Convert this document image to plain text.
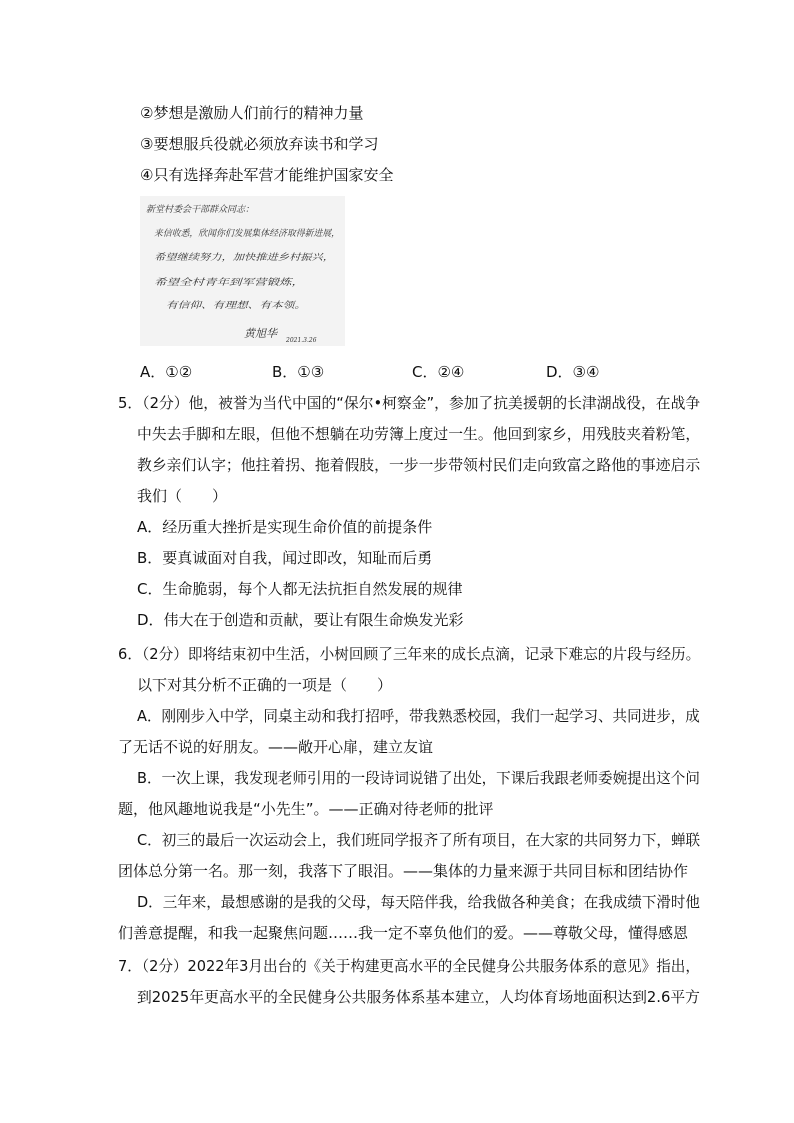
②梦想是激励人们前行的精神力量
③要想服兵役就必须放弃读书和学习
④只有选择奔赴军营才能维护国家安全
新堂村委会干部群众同志：
来信收悉，欣闻你们发展集体经济取得新进展，
希望继续努力，加快推进乡村振兴，
希望全村青年到军营锻炼，
有信仰、有理想、有本领。
黄旭华
2021.3.26
A．①②	B．①③	C．②④	D．③④
5．（2分）他，被誉为当代中国的“保尔•柯察金”，参加了抗美援朝的长津湖战役，在战争
中失去手脚和左眼，但他不想躺在功劳簿上度过一生。他回到家乡，用残肢夹着粉笔，
教乡亲们认字；他拄着拐、拖着假肢，一步一步带领村民们走向致富之路他的事迹启示
我们（　　）
A．经历重大挫折是实现生命价值的前提条件
B．要真诚面对自我，闻过即改，知耻而后勇
C．生命脆弱，每个人都无法抗拒自然发展的规律
D．伟大在于创造和贡献，要让有限生命焕发光彩
6．（2分）即将结束初中生活，小树回顾了三年来的成长点滴，记录下难忘的片段与经历。
以下对其分析不正确的一项是（　　）
A．刚刚步入中学，同桌主动和我打招呼，带我熟悉校园，我们一起学习、共同进步，成
了无话不说的好朋友。——敞开心扉，建立友谊
B．一次上课，我发现老师引用的一段诗词说错了出处，下课后我跟老师委婉提出这个问
题，他风趣地说我是“小先生”。——正确对待老师的批评
C．初三的最后一次运动会上，我们班同学报齐了所有项目，在大家的共同努力下，蝉联
团体总分第一名。那一刻，我落下了眼泪。——集体的力量来源于共同目标和团结协作
D．三年来，最想感谢的是我的父母，每天陪伴我，给我做各种美食；在我成绩下滑时他
们善意提醒，和我一起聚焦问题……我一定不辜负他们的爱。——尊敬父母，懂得感恩
7．（2分）2022年3月出台的《关于构建更高水平的全民健身公共服务体系的意见》指出，
到2025年更高水平的全民健身公共服务体系基本建立，人均体育场地面积达到2.6平方
